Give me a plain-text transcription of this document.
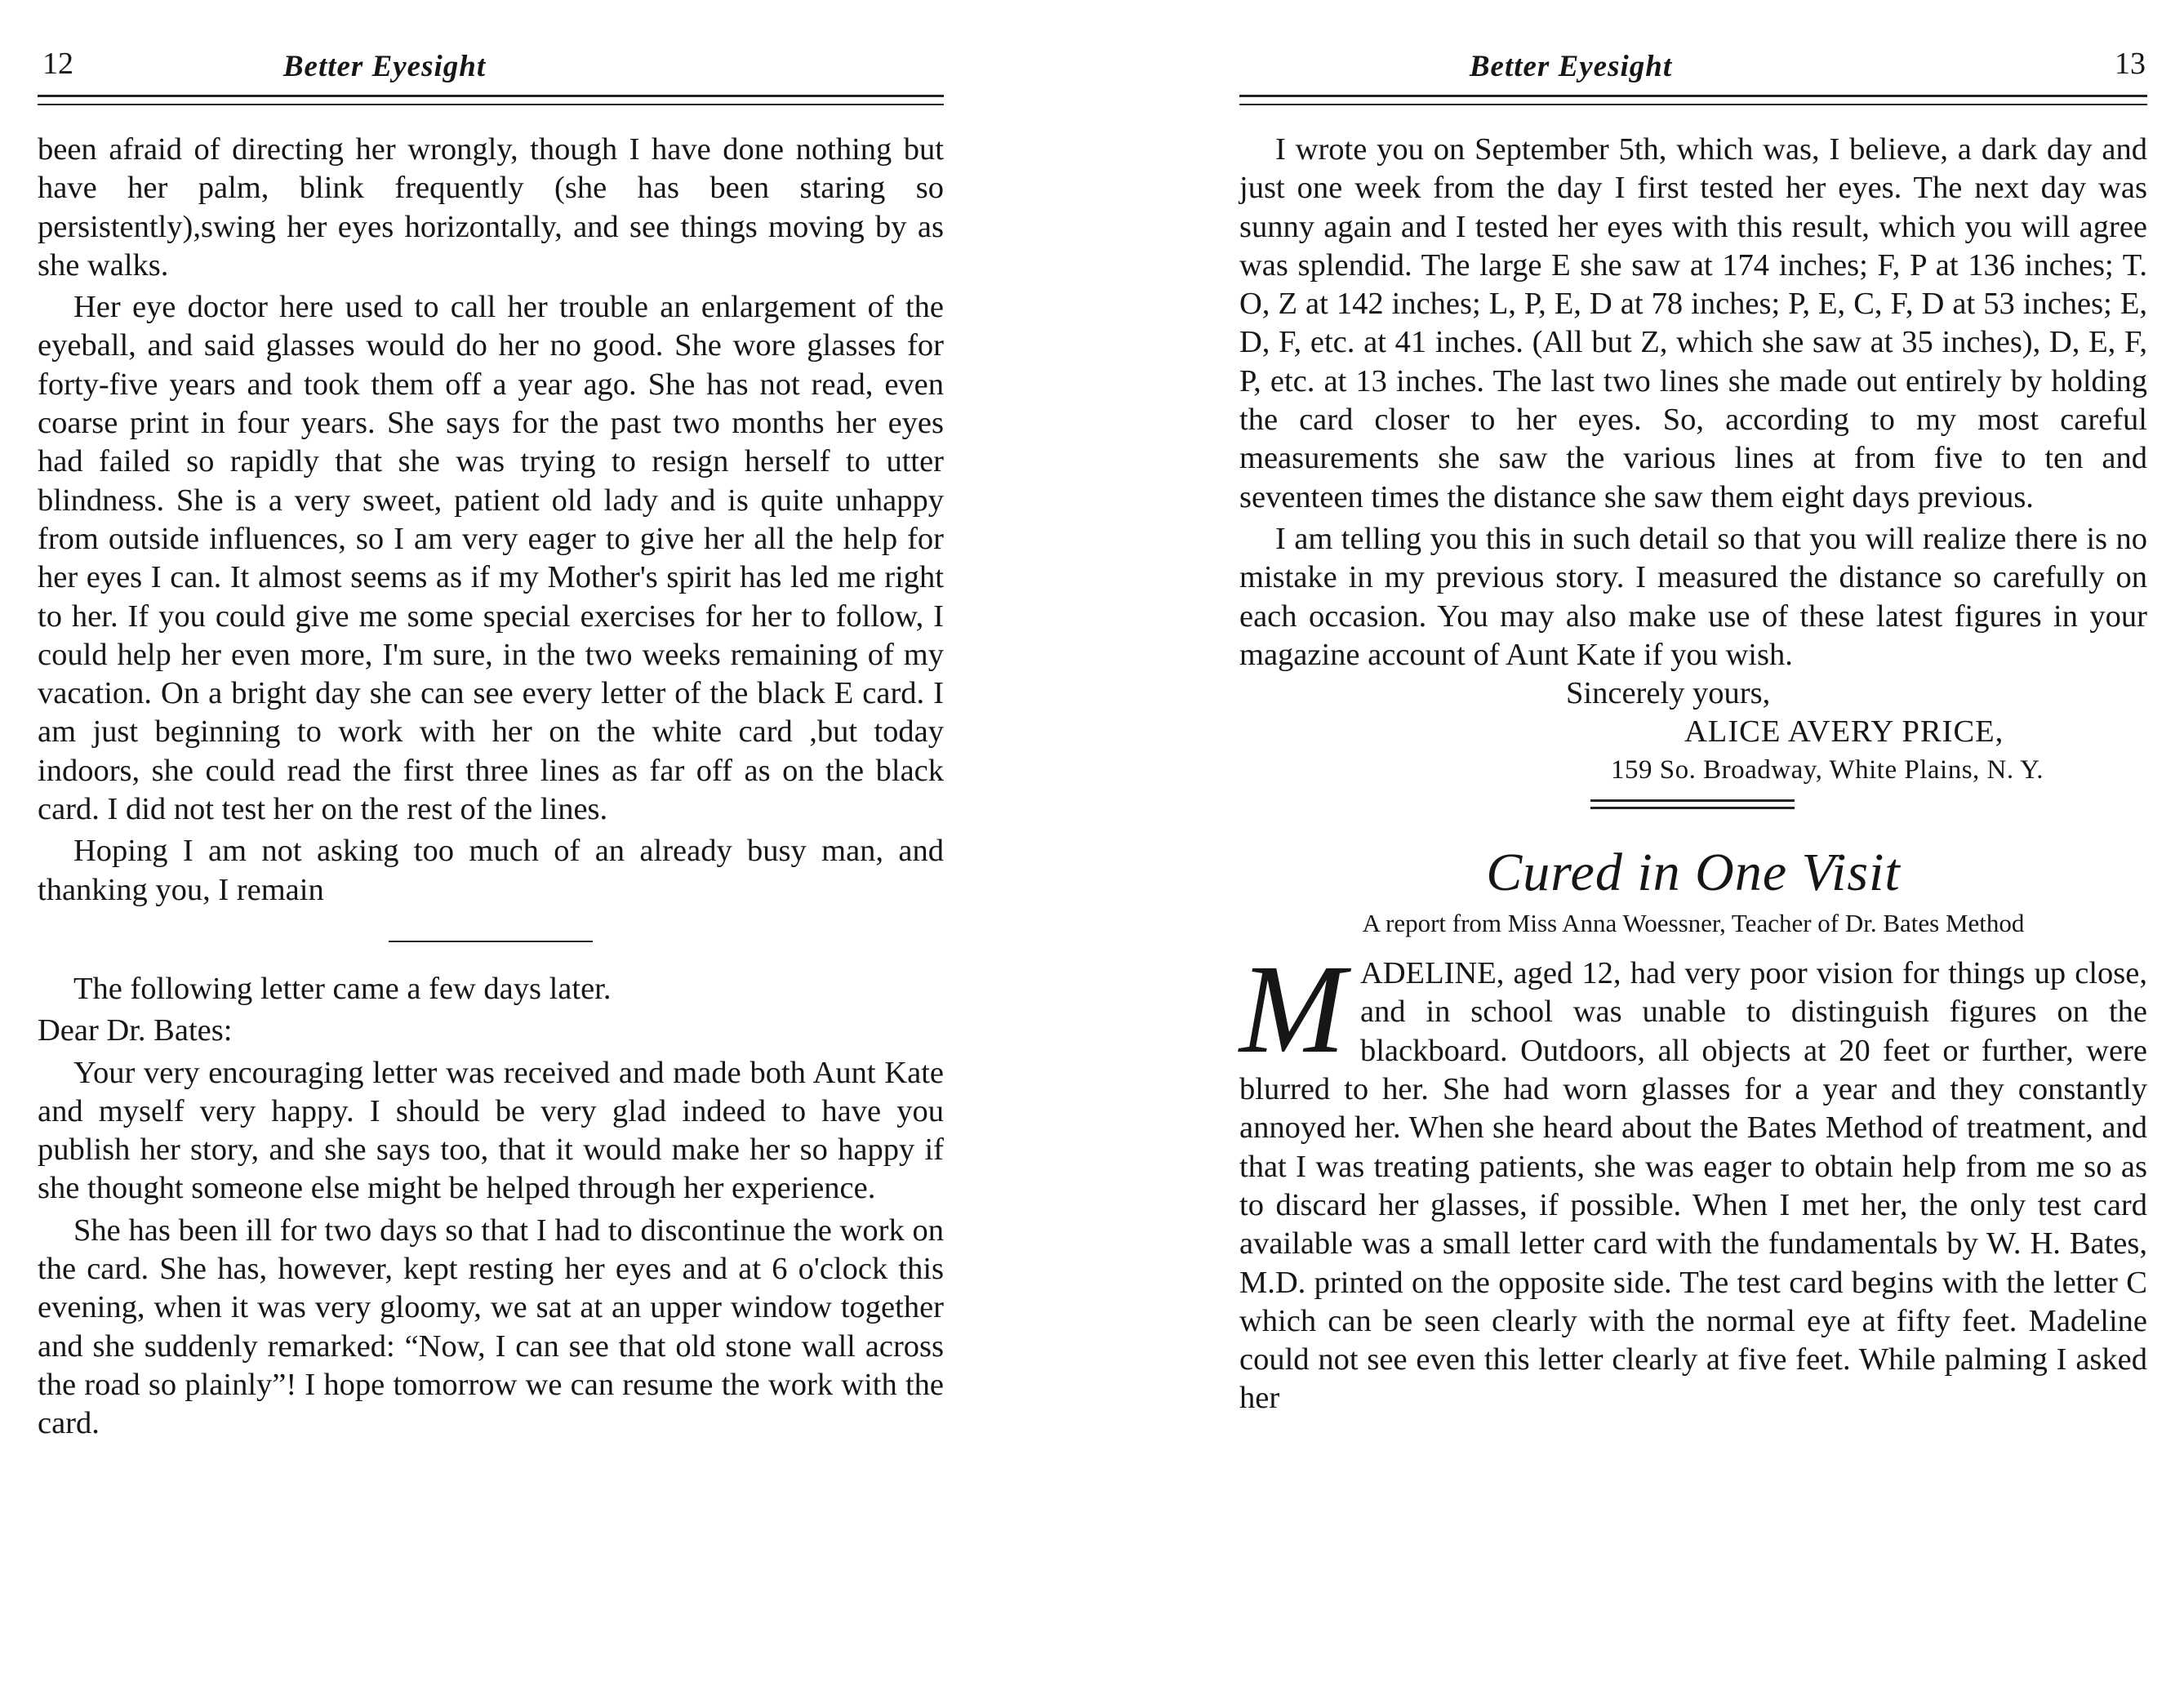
12	Better Eyesight

been afraid of directing her wrongly, though I have done nothing but have her palm, blink frequently (she has been staring so persistently),swing her eyes horizontally, and see things moving by as she walks.

Her eye doctor here used to call her trouble an enlargement of the eyeball, and said glasses would do her no good. She wore glasses for forty-five years and took them off a year ago. She has not read, even coarse print in four years. She says for the past two months her eyes had failed so rapidly that she was trying to resign herself to utter blindness. She is a very sweet, patient old lady and is quite unhappy from outside influences, so I am very eager to give her all the help for her eyes I can. It almost seems as if my Mother's spirit has led me right to her. If you could give me some special exercises for her to follow, I could help her even more, I'm sure, in the two weeks remaining of my vacation. On a bright day she can see every letter of the black E card. I am just beginning to work with her on the white card ,but today indoors, she could read the first three lines as far off as on the black card. I did not test her on the rest of the lines.

Hoping I am not asking too much of an already busy man, and thanking you, I remain

The following letter came a few days later.

Dear Dr. Bates:

Your very encouraging letter was received and made both Aunt Kate and myself very happy. I should be very glad indeed to have you publish her story, and she says too, that it would make her so happy if she thought someone else might be helped through her experience.

She has been ill for two days so that I had to discontinue the work on the card. She has, however, kept resting her eyes and at 6 o'clock this evening, when it was very gloomy, we sat at an upper window together and she suddenly remarked: “Now, I can see that old stone wall across the road so plainly”! I hope tomorrow we can resume the work with the card.

Better Eyesight	13

I wrote you on September 5th, which was, I believe, a dark day and just one week from the day I first tested her eyes. The next day was sunny again and I tested her eyes with this result, which you will agree was splendid. The large E she saw at 174 inches; F, P at 136 inches; T. O, Z at 142 inches; L, P, E, D at 78 inches; P, E, C, F, D at 53 inches; E, D, F, etc. at 41 inches. (All but Z, which she saw at 35 inches), D, E, F, P, etc. at 13 inches. The last two lines she made out entirely by holding the card closer to her eyes. So, according to my most careful measurements she saw the various lines at from five to ten and seventeen times the distance she saw them eight days previous.

I am telling you this in such detail so that you will realize there is no mistake in my previous story. I measured the distance so carefully on each occasion. You may also make use of these latest figures in your magazine account of Aunt Kate if you wish.

Sincerely yours,
ALICE AVERY PRICE,
159 So. Broadway, White Plains, N. Y.
Cured in One Visit
A report from Miss Anna Woessner, Teacher of Dr. Bates Method

MADELINE, aged 12, had very poor vision for things up close, and in school was unable to distinguish figures on the blackboard. Outdoors, all objects at 20 feet or further, were blurred to her. She had worn glasses for a year and they constantly annoyed her. When she heard about the Bates Method of treatment, and that I was treating patients, she was eager to obtain help from me so as to discard her glasses, if possible. When I met her, the only test card available was a small letter card with the fundamentals by W. H. Bates, M.D. printed on the opposite side. The test card begins with the letter C which can be seen clearly with the normal eye at fifty feet. Madeline could not see even this letter clearly at five feet. While palming I asked her
